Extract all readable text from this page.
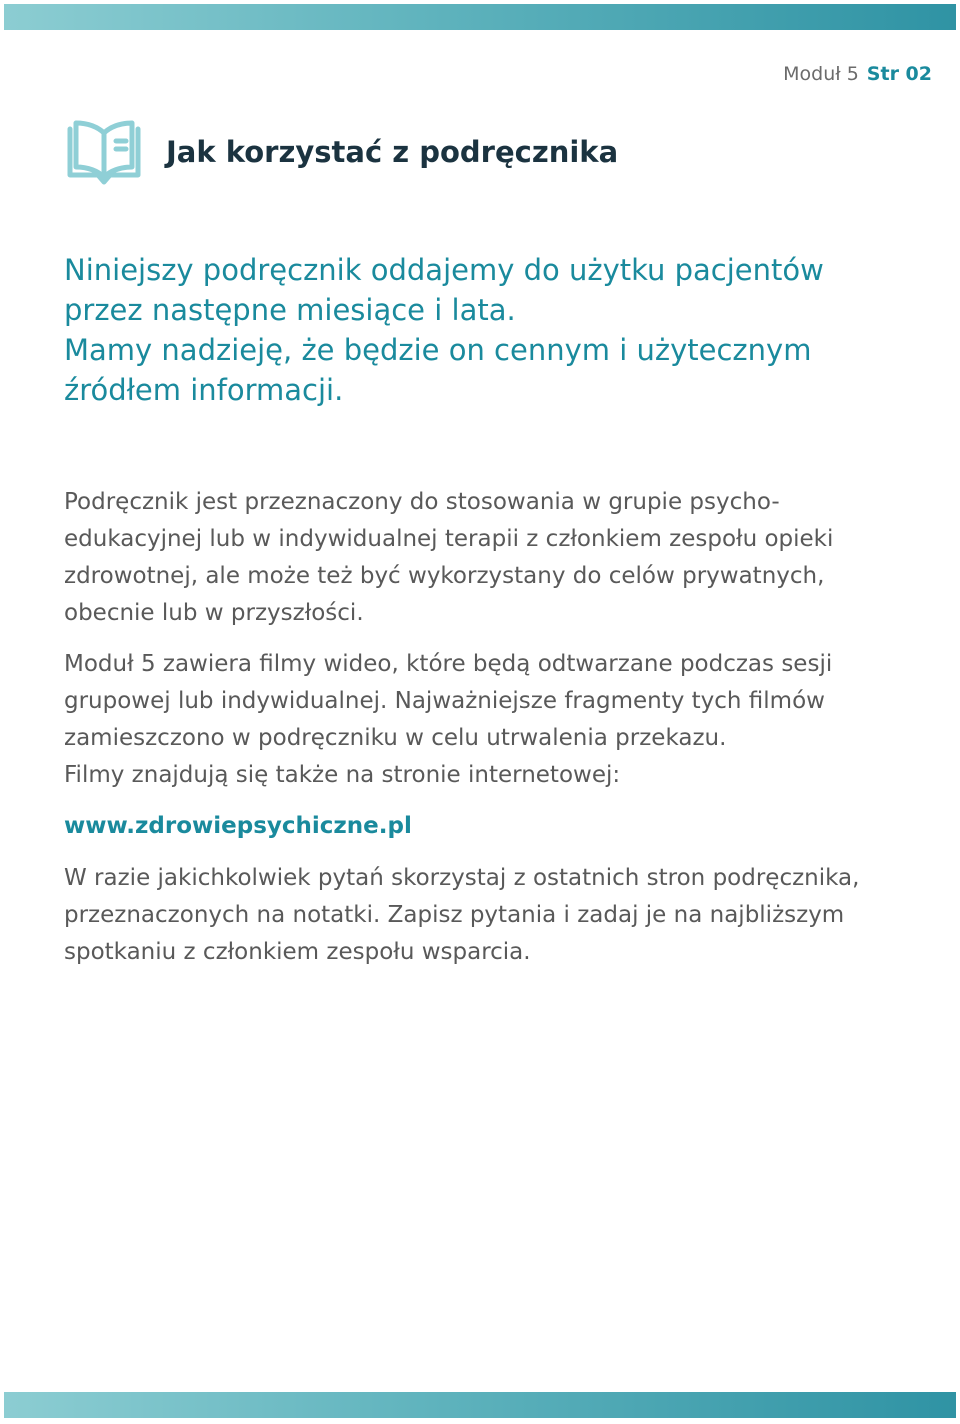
Moduł 5 Str 02
Jak korzystać z podręcznika

Niniejszy podręcznik oddajemy do użytku pacjentów

przez następne miesiące i lata.

Mamy nadzieję, że będzie on cennym i użytecznym

źródłem informacji.

Podręcznik jest przeznaczony do stosowania w grupie psycho-

edukacyjnej lub w indywidualnej terapii z członkiem zespołu opieki

zdrowotnej, ale może też być wykorzystany do celów prywatnych,

obecnie lub w przyszłości.

Moduł 5 zawiera filmy wideo, które będą odtwarzane podczas sesji

grupowej lub indywidualnej. Najważniejsze fragmenty tych filmów

zamieszczono w podręczniku w celu utrwalenia przekazu.

Filmy znajdują się także na stronie internetowej:

www.zdrowiepsychiczne.pl

W razie jakichkolwiek pytań skorzystaj z ostatnich stron podręcznika,

przeznaczonych na notatki. Zapisz pytania i zadaj je na najbliższym

spotkaniu z członkiem zespołu wsparcia.
